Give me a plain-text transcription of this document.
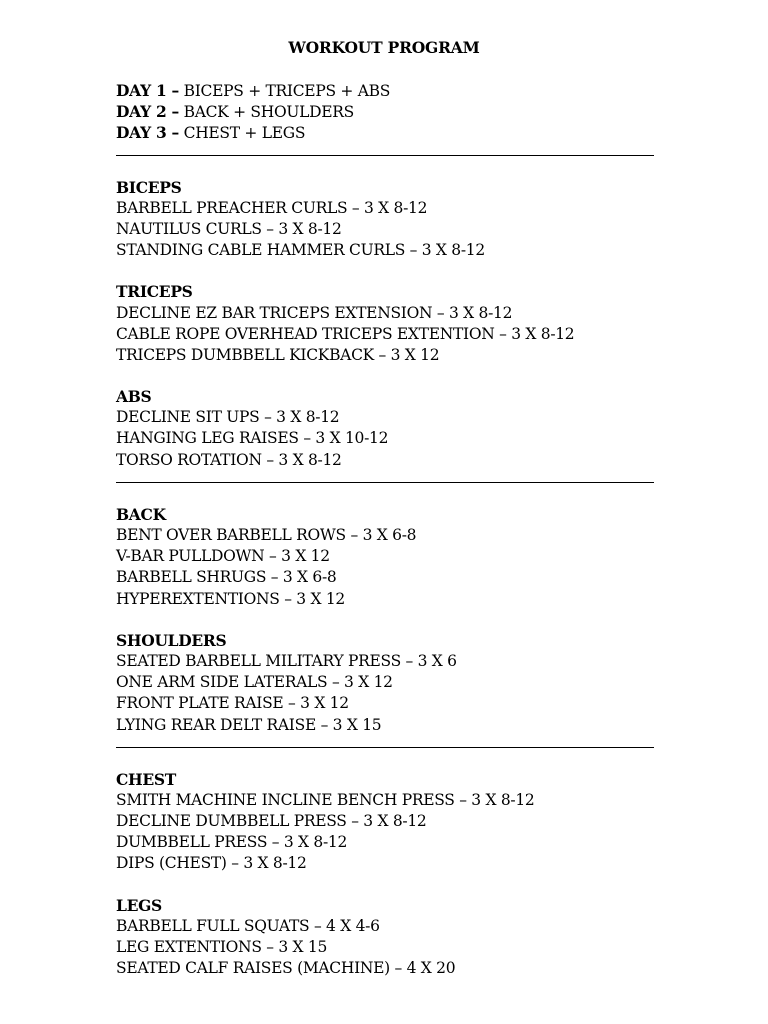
WORKOUT PROGRAM
DAY 1 – BICEPS + TRICEPS + ABS
DAY 2 – BACK + SHOULDERS
DAY 3 – CHEST + LEGS
BICEPS
BARBELL PREACHER CURLS – 3 X 8-12
NAUTILUS CURLS – 3 X 8-12
STANDING CABLE HAMMER CURLS – 3 X 8-12
TRICEPS
DECLINE EZ BAR TRICEPS EXTENSION – 3 X 8-12
CABLE ROPE OVERHEAD TRICEPS EXTENTION – 3 X 8-12
TRICEPS DUMBBELL KICKBACK – 3 X 12
ABS
DECLINE SIT UPS – 3 X 8-12
HANGING LEG RAISES – 3 X 10-12
TORSO ROTATION – 3 X 8-12
BACK
BENT OVER BARBELL ROWS – 3 X 6-8
V-BAR PULLDOWN – 3 X 12
BARBELL SHRUGS – 3 X 6-8
HYPEREXTENTIONS – 3 X 12
SHOULDERS
SEATED BARBELL MILITARY PRESS – 3 X 6
ONE ARM SIDE LATERALS – 3 X 12
FRONT PLATE RAISE – 3 X 12
LYING REAR DELT RAISE – 3 X 15
CHEST
SMITH MACHINE INCLINE BENCH PRESS – 3 X 8-12
DECLINE DUMBBELL PRESS – 3 X 8-12
DUMBBELL PRESS – 3 X 8-12
DIPS (CHEST) – 3 X 8-12
LEGS
BARBELL FULL SQUATS – 4 X 4-6
LEG EXTENTIONS – 3 X 15
SEATED CALF RAISES (MACHINE) – 4 X 20
